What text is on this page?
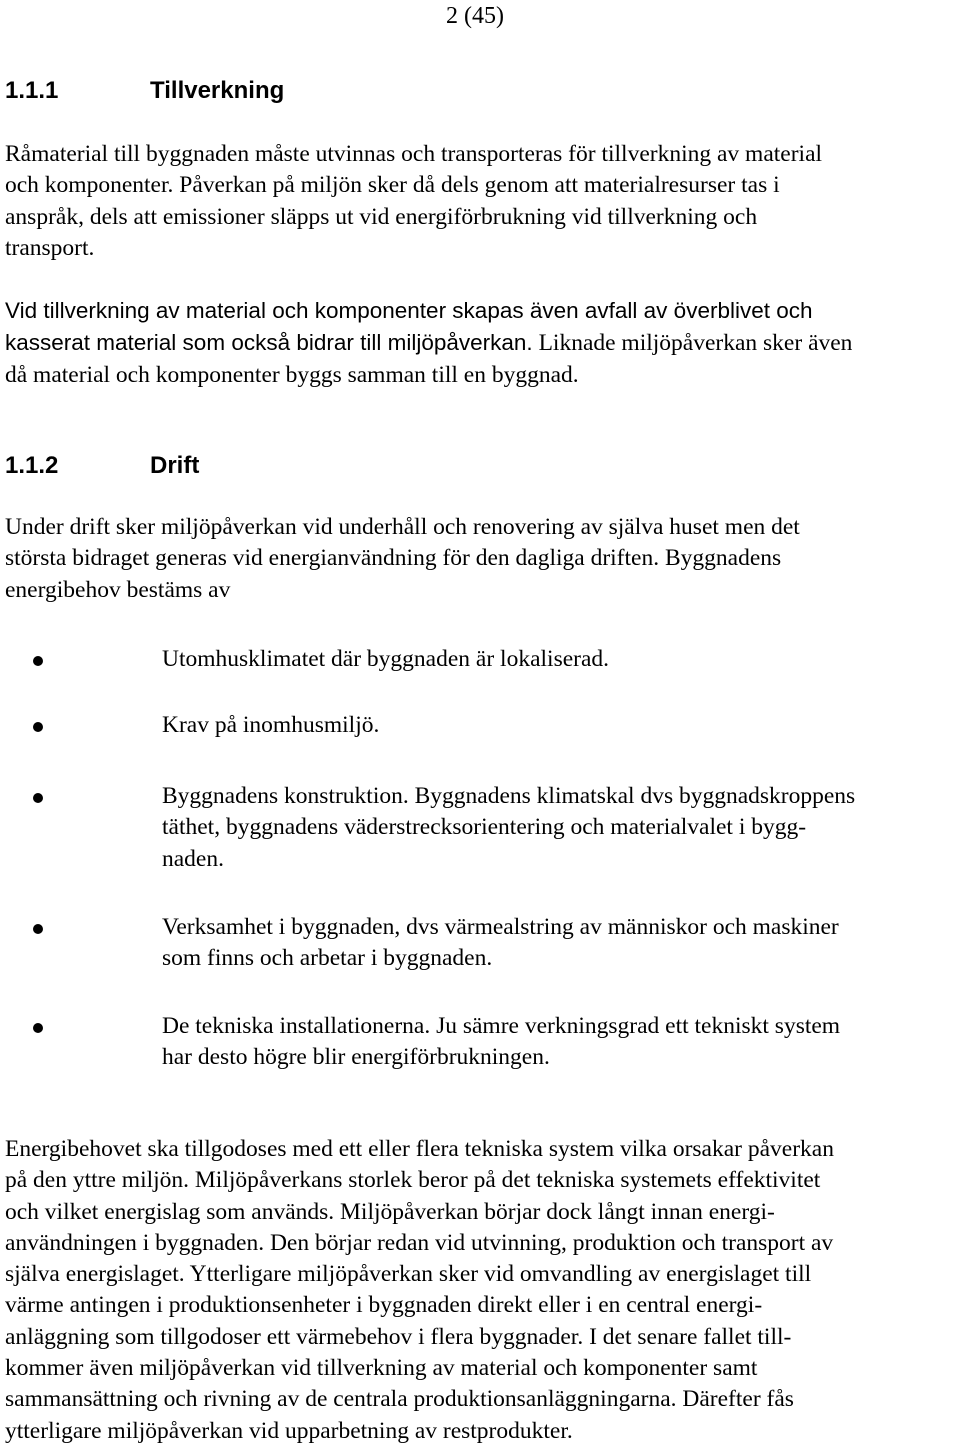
2 (45)
1.1.1	Tillverkning
Råmaterial till byggnaden måste utvinnas och transporteras för tillverkning av material
och komponenter. Påverkan på miljön sker då dels genom att materialresurser tas i
anspråk, dels att emissioner släpps ut vid energiförbrukning vid tillverkning och
transport.
Vid tillverkning av material och komponenter skapas även avfall av överblivet och
kasserat material som också bidrar till miljöpåverkan. Liknade miljöpåverkan sker även
då material och komponenter byggs samman till en byggnad.
1.1.2	Drift
Under drift sker miljöpåverkan vid underhåll och renovering av själva huset men det
största bidraget generas vid energianvändning för den dagliga driften. Byggnadens
energibehov bestäms av
Utomhusklimatet där byggnaden är lokaliserad.
Krav på inomhusmiljö.
Byggnadens konstruktion. Byggnadens klimatskal dvs byggnadskroppens
täthet, byggnadens väderstrecksorientering och materialvalet i bygg-
naden.
Verksamhet i byggnaden, dvs värmealstring av människor och maskiner
som finns och arbetar i byggnaden.
De tekniska installationerna. Ju sämre verkningsgrad ett tekniskt system
har desto högre blir energiförbrukningen.
Energibehovet ska tillgodoses med ett eller flera tekniska system vilka orsakar påverkan
på den yttre miljön. Miljöpåverkans storlek beror på det tekniska systemets effektivitet
och vilket energislag som används. Miljöpåverkan börjar dock långt innan energi-
användningen i byggnaden. Den börjar redan vid utvinning, produktion och transport av
själva energislaget. Ytterligare miljöpåverkan sker vid omvandling av energislaget till
värme antingen i produktionsenheter i byggnaden direkt eller i en central energi-
anläggning som tillgodoser ett värmebehov i flera byggnader. I det senare fallet till-
kommer även miljöpåverkan vid tillverkning av material och komponenter samt
sammansättning och rivning av de centrala produktionsanläggningarna. Därefter fås
ytterligare miljöpåverkan vid upparbetning av restprodukter.
